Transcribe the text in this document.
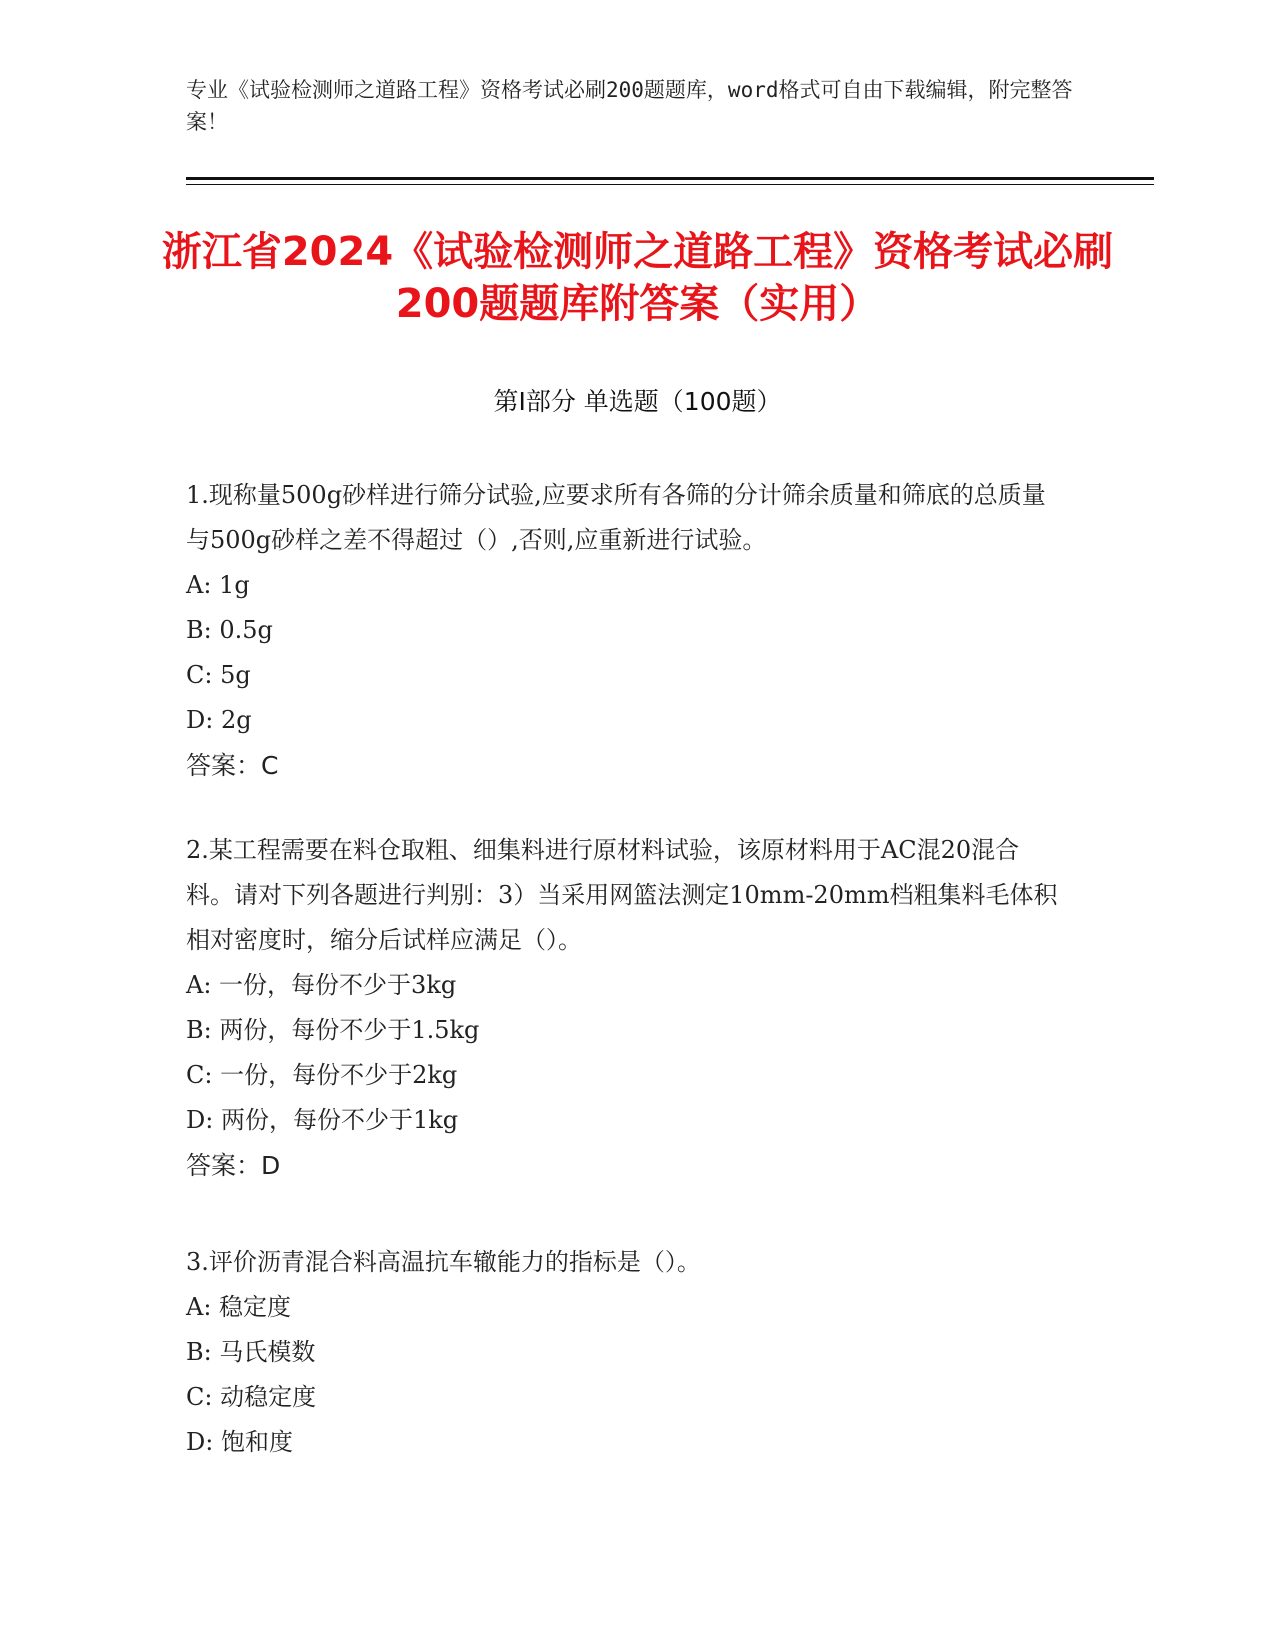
专业《试验检测师之道路工程》资格考试必刷200题题库，word格式可自由下载编辑，附完整答案！
浙江省2024《试验检测师之道路工程》资格考试必刷200题题库附答案（实用）
第Ⅰ部分 单选题（100题）

1.现称量500g砂样进行筛分试验,应要求所有各筛的分计筛余质量和筛底的总质量与500g砂样之差不得超过（）,否则,应重新进行试验。

A: 1g

B: 0.5g

C: 5g

D: 2g

答案：C

2.某工程需要在料仓取粗、细集料进行原材料试验，该原材料用于AC混20混合料。请对下列各题进行判别：3）当采用网篮法测定10mm-20mm档粗集料毛体积相对密度时，缩分后试样应满足（）。

A: 一份，每份不少于3kg

B: 两份，每份不少于1.5kg

C: 一份，每份不少于2kg

D: 两份，每份不少于1kg

答案：D

3.评价沥青混合料高温抗车辙能力的指标是（）。

A: 稳定度

B: 马氏模数

C: 动稳定度

D: 饱和度
